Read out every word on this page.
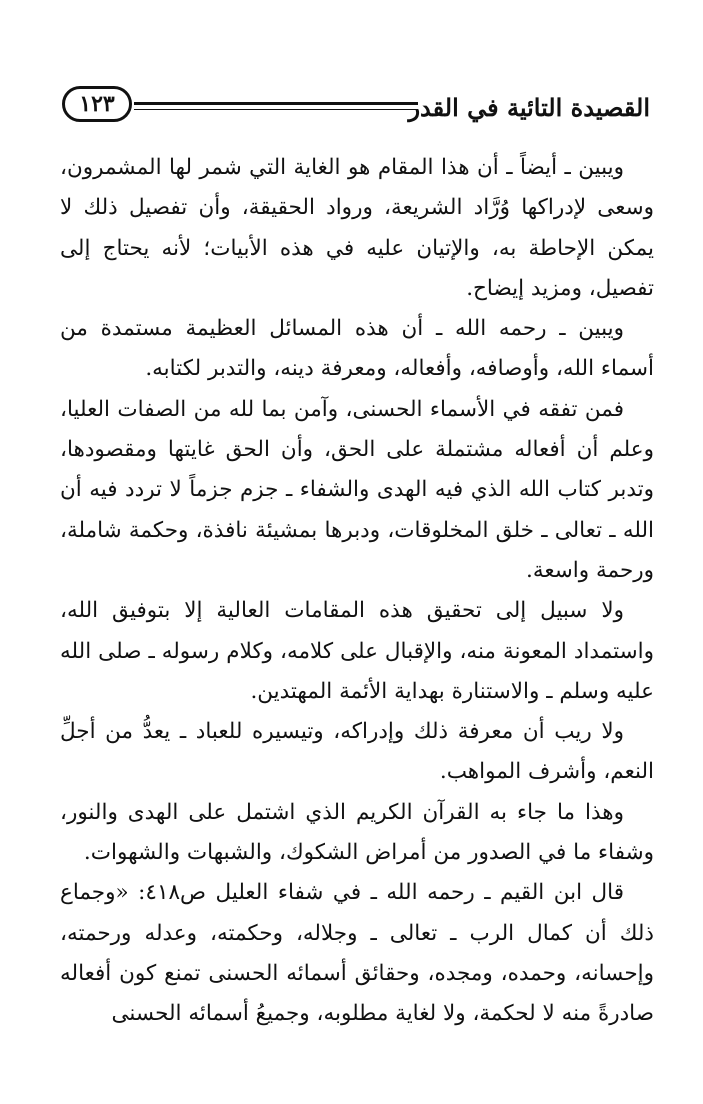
القصيدة التائية في القدر
١٢٣

ويبين ـ أيضاً ـ أن هذا المقام هو الغاية التي شمر لها المشمرون، وسعى لإدراكها وُرَّاد الشريعة، ورواد الحقيقة، وأن تفصيل ذلك لا يمكن الإحاطة به، والإتيان عليه في هذه الأبيات؛ لأنه يحتاج إلى تفصيل، ومزيد إيضاح.

ويبين ـ رحمه الله ـ أن هذه المسائل العظيمة مستمدة من أسماء الله، وأوصافه، وأفعاله، ومعرفة دينه، والتدبر لكتابه.

فمن تفقه في الأسماء الحسنى، وآمن بما لله من الصفات العليا، وعلم أن أفعاله مشتملة على الحق، وأن الحق غايتها ومقصودها، وتدبر كتاب الله الذي فيه الهدى والشفاء ـ جزم جزماً لا تردد فيه أن الله ـ تعالى ـ خلق المخلوقات، ودبرها بمشيئة نافذة، وحكمة شاملة، ورحمة واسعة.

ولا سبيل إلى تحقيق هذه المقامات العالية إلا بتوفيق الله، واستمداد المعونة منه، والإقبال على كلامه، وكلام رسوله ـ صلى الله عليه وسلم ـ والاستنارة بهداية الأئمة المهتدين.

ولا ريب أن معرفة ذلك وإدراكه، وتيسيره للعباد ـ يعدُّ من أجلِّ النعم، وأشرف المواهب.

وهذا ما جاء به القرآن الكريم الذي اشتمل على الهدى والنور، وشفاء ما في الصدور من أمراض الشكوك، والشبهات والشهوات.

قال ابن القيم ـ رحمه الله ـ في شفاء العليل ص٤١٨: «وجماع ذلك أن كمال الرب ـ تعالى ـ وجلاله، وحكمته، وعدله ورحمته، وإحسانه، وحمده، ومجده، وحقائق أسمائه الحسنى تمنع كون أفعاله صادرةً منه لا لحكمة، ولا لغاية مطلوبه، وجميعُ أسمائه الحسنى
